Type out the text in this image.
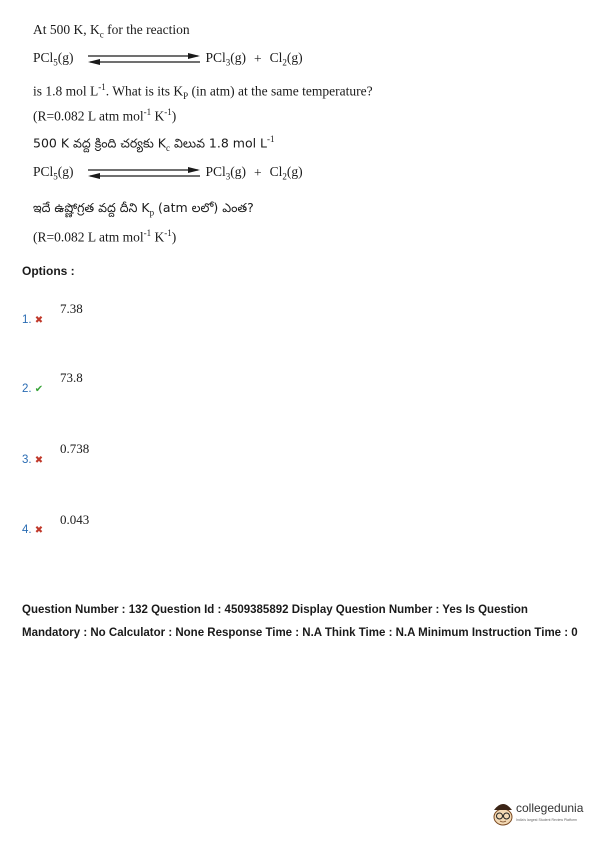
At 500 K, $K_c$ for the reaction
PCl$_5$(g)	$PCl_3(g) + Cl_2(g)$
is 1.8 mol $L^{-1}$. What is its $K_P$ (in atm) at the same temperature?
(R=0.082 L atm mol$^{-1}$ $K^{-1}$)
500 K వద్ద క్రింది చర్యకు $K_c$ విలువ 1.8 mol $L^{-1}$
PCl$_5$(g)	$PCl_3(g) + Cl_2(g)$
ఇదే ఉష్ణోగ్రత వద్ద దీని $K_p$ (atm లలో) ఎంత?
(R=0.082 L atm mol$^{-1}$ $K^{-1}$)
Options :
7.38
1. ✖
73.8
2. ✔
0.738
3. ✖
0.043
4. ✖
Question Number : 132 Question Id : 4509385892 Display Question Number : Yes Is Question Mandatory : No Calculator : None Response Time : N.A Think Time : N.A Minimum Instruction Time : 0
collegedunia
India's largest Student Review Platform
